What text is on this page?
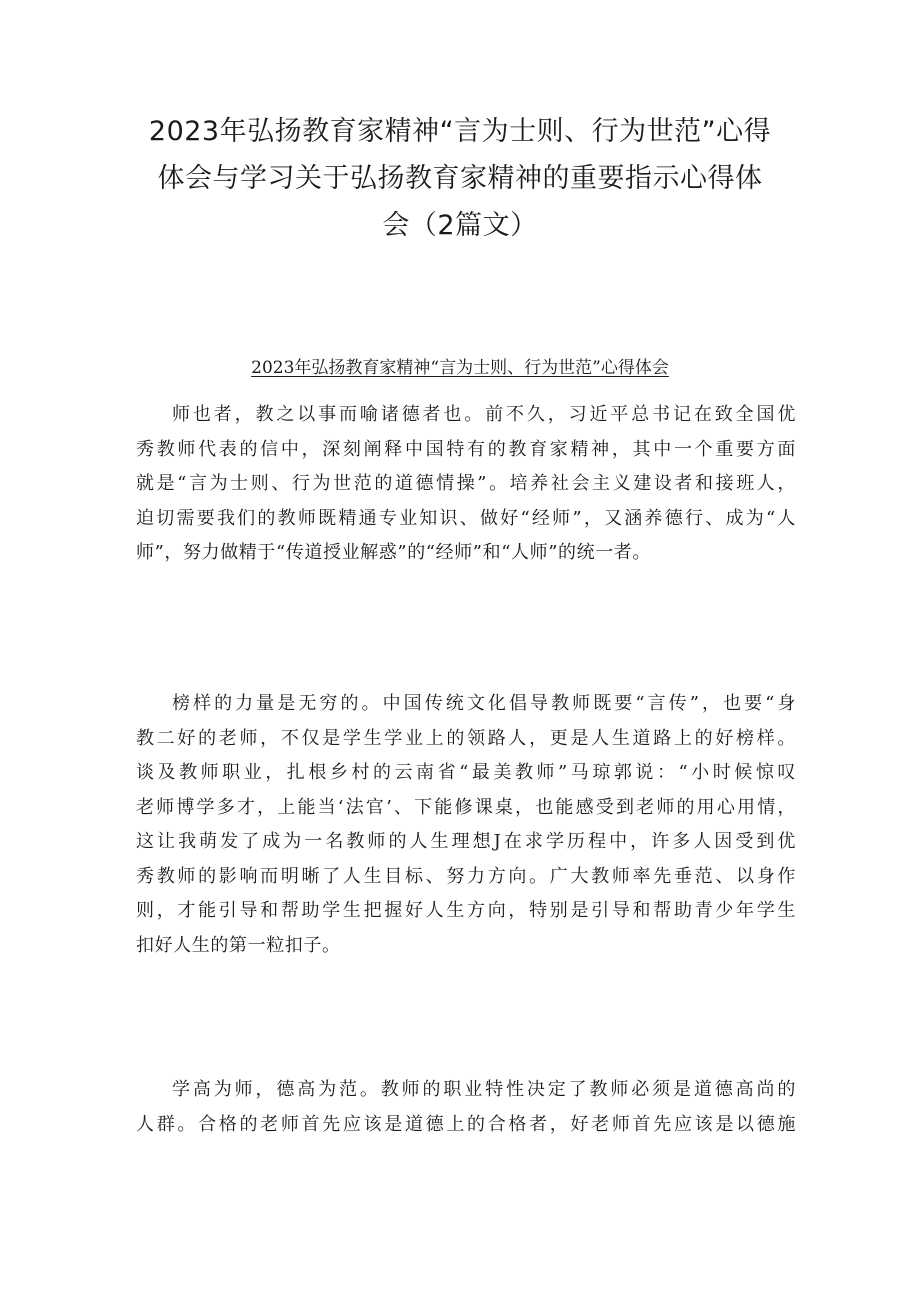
2023年弘扬教育家精神“言为士则、行为世范”心得
体会与学习关于弘扬教育家精神的重要指示心得体
会（2篇文）
2023年弘扬教育家精神“言为士则、行为世范”心得体会
师也者，教之以事而喻诸德者也。前不久，习近平总书记在致全国优
秀教师代表的信中，深刻阐释中国特有的教育家精神，其中一个重要方面
就是“言为士则、行为世范的道德情操”。培养社会主义建设者和接班人，
迫切需要我们的教师既精通专业知识、做好“经师”，又涵养德行、成为“人
师”，努力做精于“传道授业解惑”的“经师”和“人师”的统一者。
榜样的力量是无穷的。中国传统文化倡导教师既要“言传”，也要“身
教二好的老师，不仅是学生学业上的领路人，更是人生道路上的好榜样。
谈及教师职业，扎根乡村的云南省“最美教师”马琼郭说：“小时候惊叹
老师博学多才，上能当‘法官’、下能修课桌，也能感受到老师的用心用情，
这让我萌发了成为一名教师的人生理想J在求学历程中，许多人因受到优
秀教师的影响而明晰了人生目标、努力方向。广大教师率先垂范、以身作
则，才能引导和帮助学生把握好人生方向，特别是引导和帮助青少年学生
扣好人生的第一粒扣子。
学高为师，德高为范。教师的职业特性决定了教师必须是道德高尚的
人群。合格的老师首先应该是道德上的合格者，好老师首先应该是以德施
